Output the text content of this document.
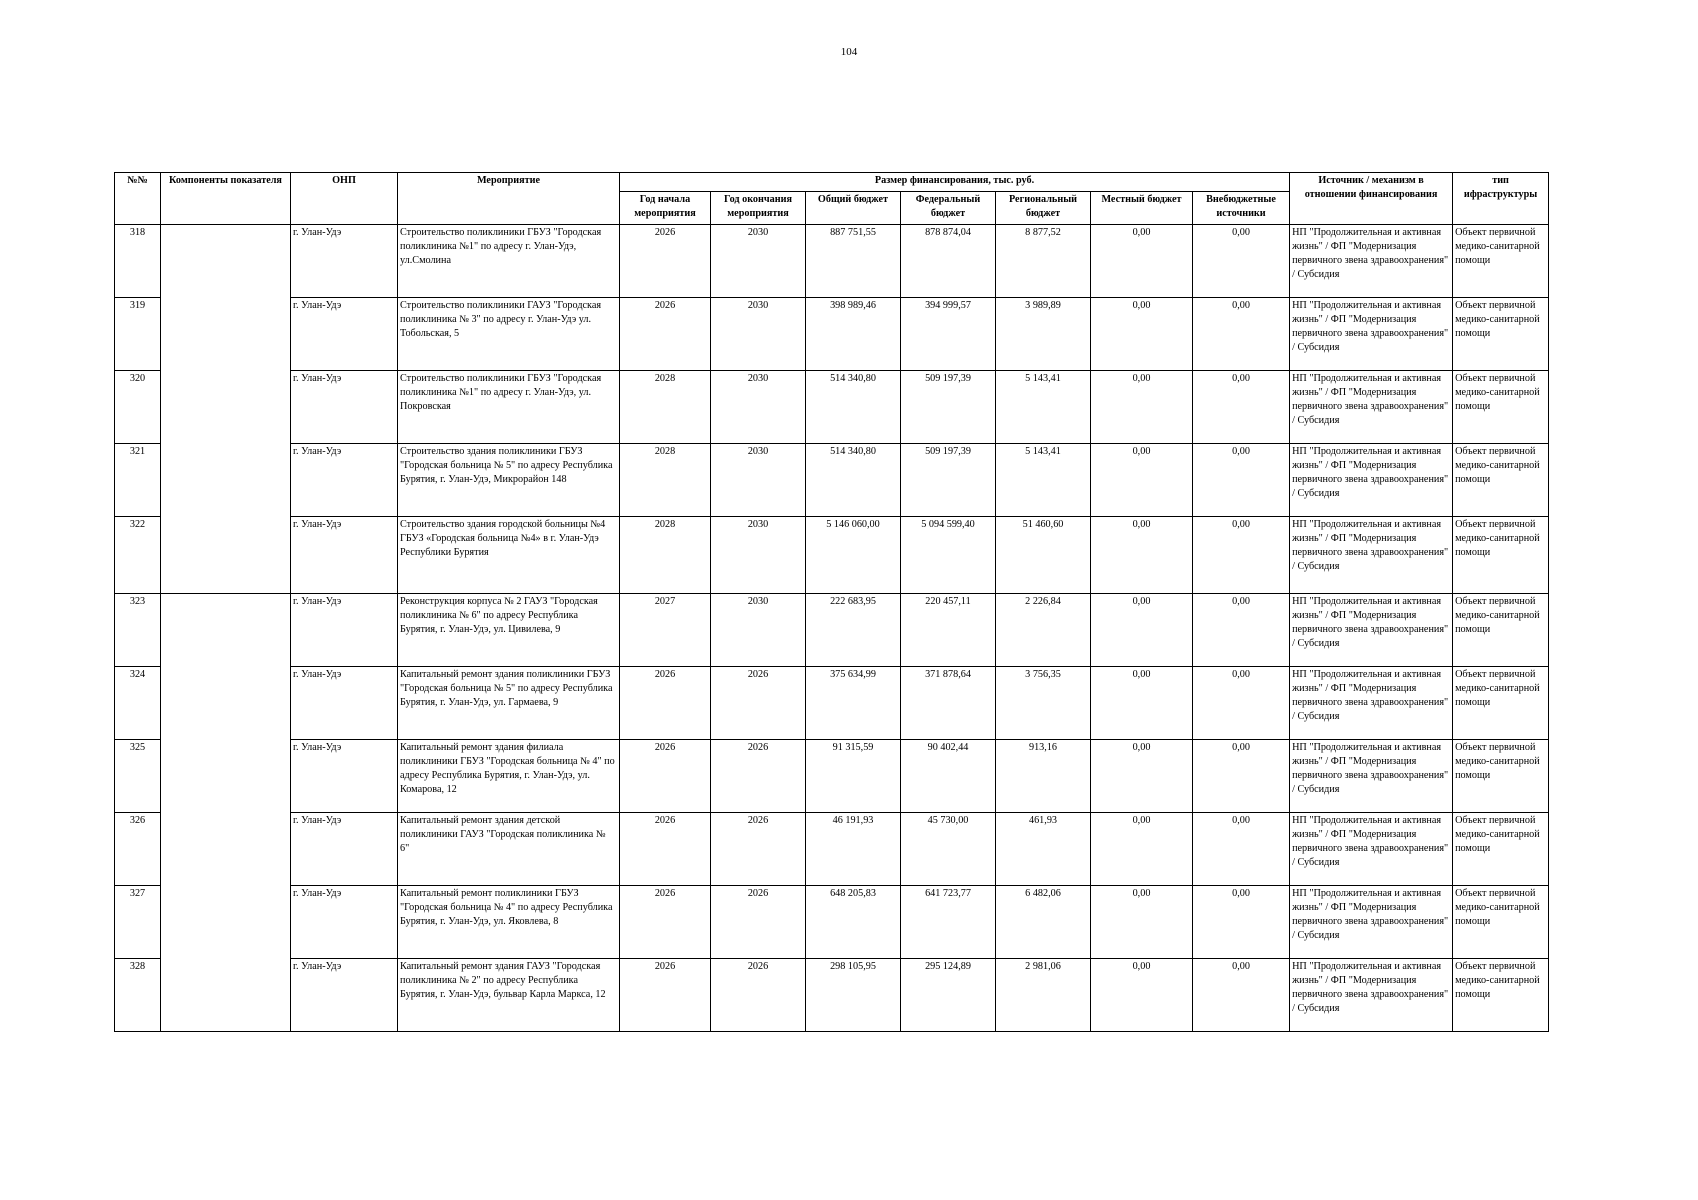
104
№№	Компоненты показателя	ОНП	Мероприятие	Размер финансирования, тыс. руб.							Источник / механизм в отношении финансирования	тип ифраструктуры
				Год начала мероприятия	Год окончания мероприятия	Общий бюджет	Федеральный бюджет	Региональный бюджет	Местный бюджет	Внебюджетные источники		
318		г. Улан-Удэ	Строительство поликлиники ГБУЗ "Городская поликлиника №1" по адресу г. Улан-Удэ, ул.Смолина	2026	2030	887 751,55	878 874,04	8 877,52	0,00	0,00	НП "Продолжительная и активная жизнь" / ФП "Модернизация первичного звена здравоохранения" / Субсидия	Объект первичной медико-санитарной помощи
319		г. Улан-Удэ	Строительство поликлиники ГАУЗ "Городская поликлиника № 3" по адресу г. Улан-Удэ ул. Тобольская, 5	2026	2030	398 989,46	394 999,57	3 989,89	0,00	0,00	НП "Продолжительная и активная жизнь" / ФП "Модернизация первичного звена здравоохранения" / Субсидия	Объект первичной медико-санитарной помощи
320		г. Улан-Удэ	Строительство поликлиники ГБУЗ "Городская поликлиника №1" по адресу г. Улан-Удэ, ул. Покровская	2028	2030	514 340,80	509 197,39	5 143,41	0,00	0,00	НП "Продолжительная и активная жизнь" / ФП "Модернизация первичного звена здравоохранения" / Субсидия	Объект первичной медико-санитарной помощи
321		г. Улан-Удэ	Строительство здания поликлиники ГБУЗ "Городская больница № 5" по адресу Республика Бурятия, г. Улан-Удэ, Микрорайон 148	2028	2030	514 340,80	509 197,39	5 143,41	0,00	0,00	НП "Продолжительная и активная жизнь" / ФП "Модернизация первичного звена здравоохранения" / Субсидия	Объект первичной медико-санитарной помощи
322		г. Улан-Удэ	Строительство здания городской больницы №4 ГБУЗ «Городская больница №4» в г. Улан-Удэ Республики Бурятия	2028	2030	5 146 060,00	5 094 599,40	51 460,60	0,00	0,00	НП "Продолжительная и активная жизнь" / ФП "Модернизация первичного звена здравоохранения" / Субсидия	Объект первичной медико-санитарной помощи
323		г. Улан-Удэ	Реконструкция корпуса № 2 ГАУЗ "Городская поликлиника № 6" по адресу Республика Бурятия, г. Улан-Удэ, ул. Цивилева, 9	2027	2030	222 683,95	220 457,11	2 226,84	0,00	0,00	НП "Продолжительная и активная жизнь" / ФП "Модернизация первичного звена здравоохранения" / Субсидия	Объект первичной медико-санитарной помощи
324		г. Улан-Удэ	Капитальный ремонт здания поликлиники ГБУЗ "Городская больница № 5" по адресу Республика Бурятия, г. Улан-Удэ, ул. Гармаева, 9	2026	2026	375 634,99	371 878,64	3 756,35	0,00	0,00	НП "Продолжительная и активная жизнь" / ФП "Модернизация первичного звена здравоохранения" / Субсидия	Объект первичной медико-санитарной помощи
325		г. Улан-Удэ	Капитальный ремонт здания филиала поликлиники ГБУЗ "Городская больница № 4" по адресу Республика Бурятия, г. Улан-Удэ, ул. Комарова, 12	2026	2026	91 315,59	90 402,44	913,16	0,00	0,00	НП "Продолжительная и активная жизнь" / ФП "Модернизация первичного звена здравоохранения" / Субсидия	Объект первичной медико-санитарной помощи
326		г. Улан-Удэ	Капитальный ремонт здания детской поликлиники ГАУЗ "Городская поликлиника № 6"	2026	2026	46 191,93	45 730,00	461,93	0,00	0,00	НП "Продолжительная и активная жизнь" / ФП "Модернизация первичного звена здравоохранения" / Субсидия	Объект первичной медико-санитарной помощи
327		г. Улан-Удэ	Капитальный ремонт поликлиники ГБУЗ "Городская больница № 4" по адресу Республика Бурятия, г. Улан-Удэ, ул. Яковлева, 8	2026	2026	648 205,83	641 723,77	6 482,06	0,00	0,00	НП "Продолжительная и активная жизнь" / ФП "Модернизация первичного звена здравоохранения" / Субсидия	Объект первичной медико-санитарной помощи
328		г. Улан-Удэ	Капитальный ремонт здания ГАУЗ "Городская поликлиника № 2" по адресу Республика Бурятия, г. Улан-Удэ, бульвар Карла Маркса, 12	2026	2026	298 105,95	295 124,89	2 981,06	0,00	0,00	НП "Продолжительная и активная жизнь" / ФП "Модернизация первичного звена здравоохранения" / Субсидия	Объект первичной медико-санитарной помощи
